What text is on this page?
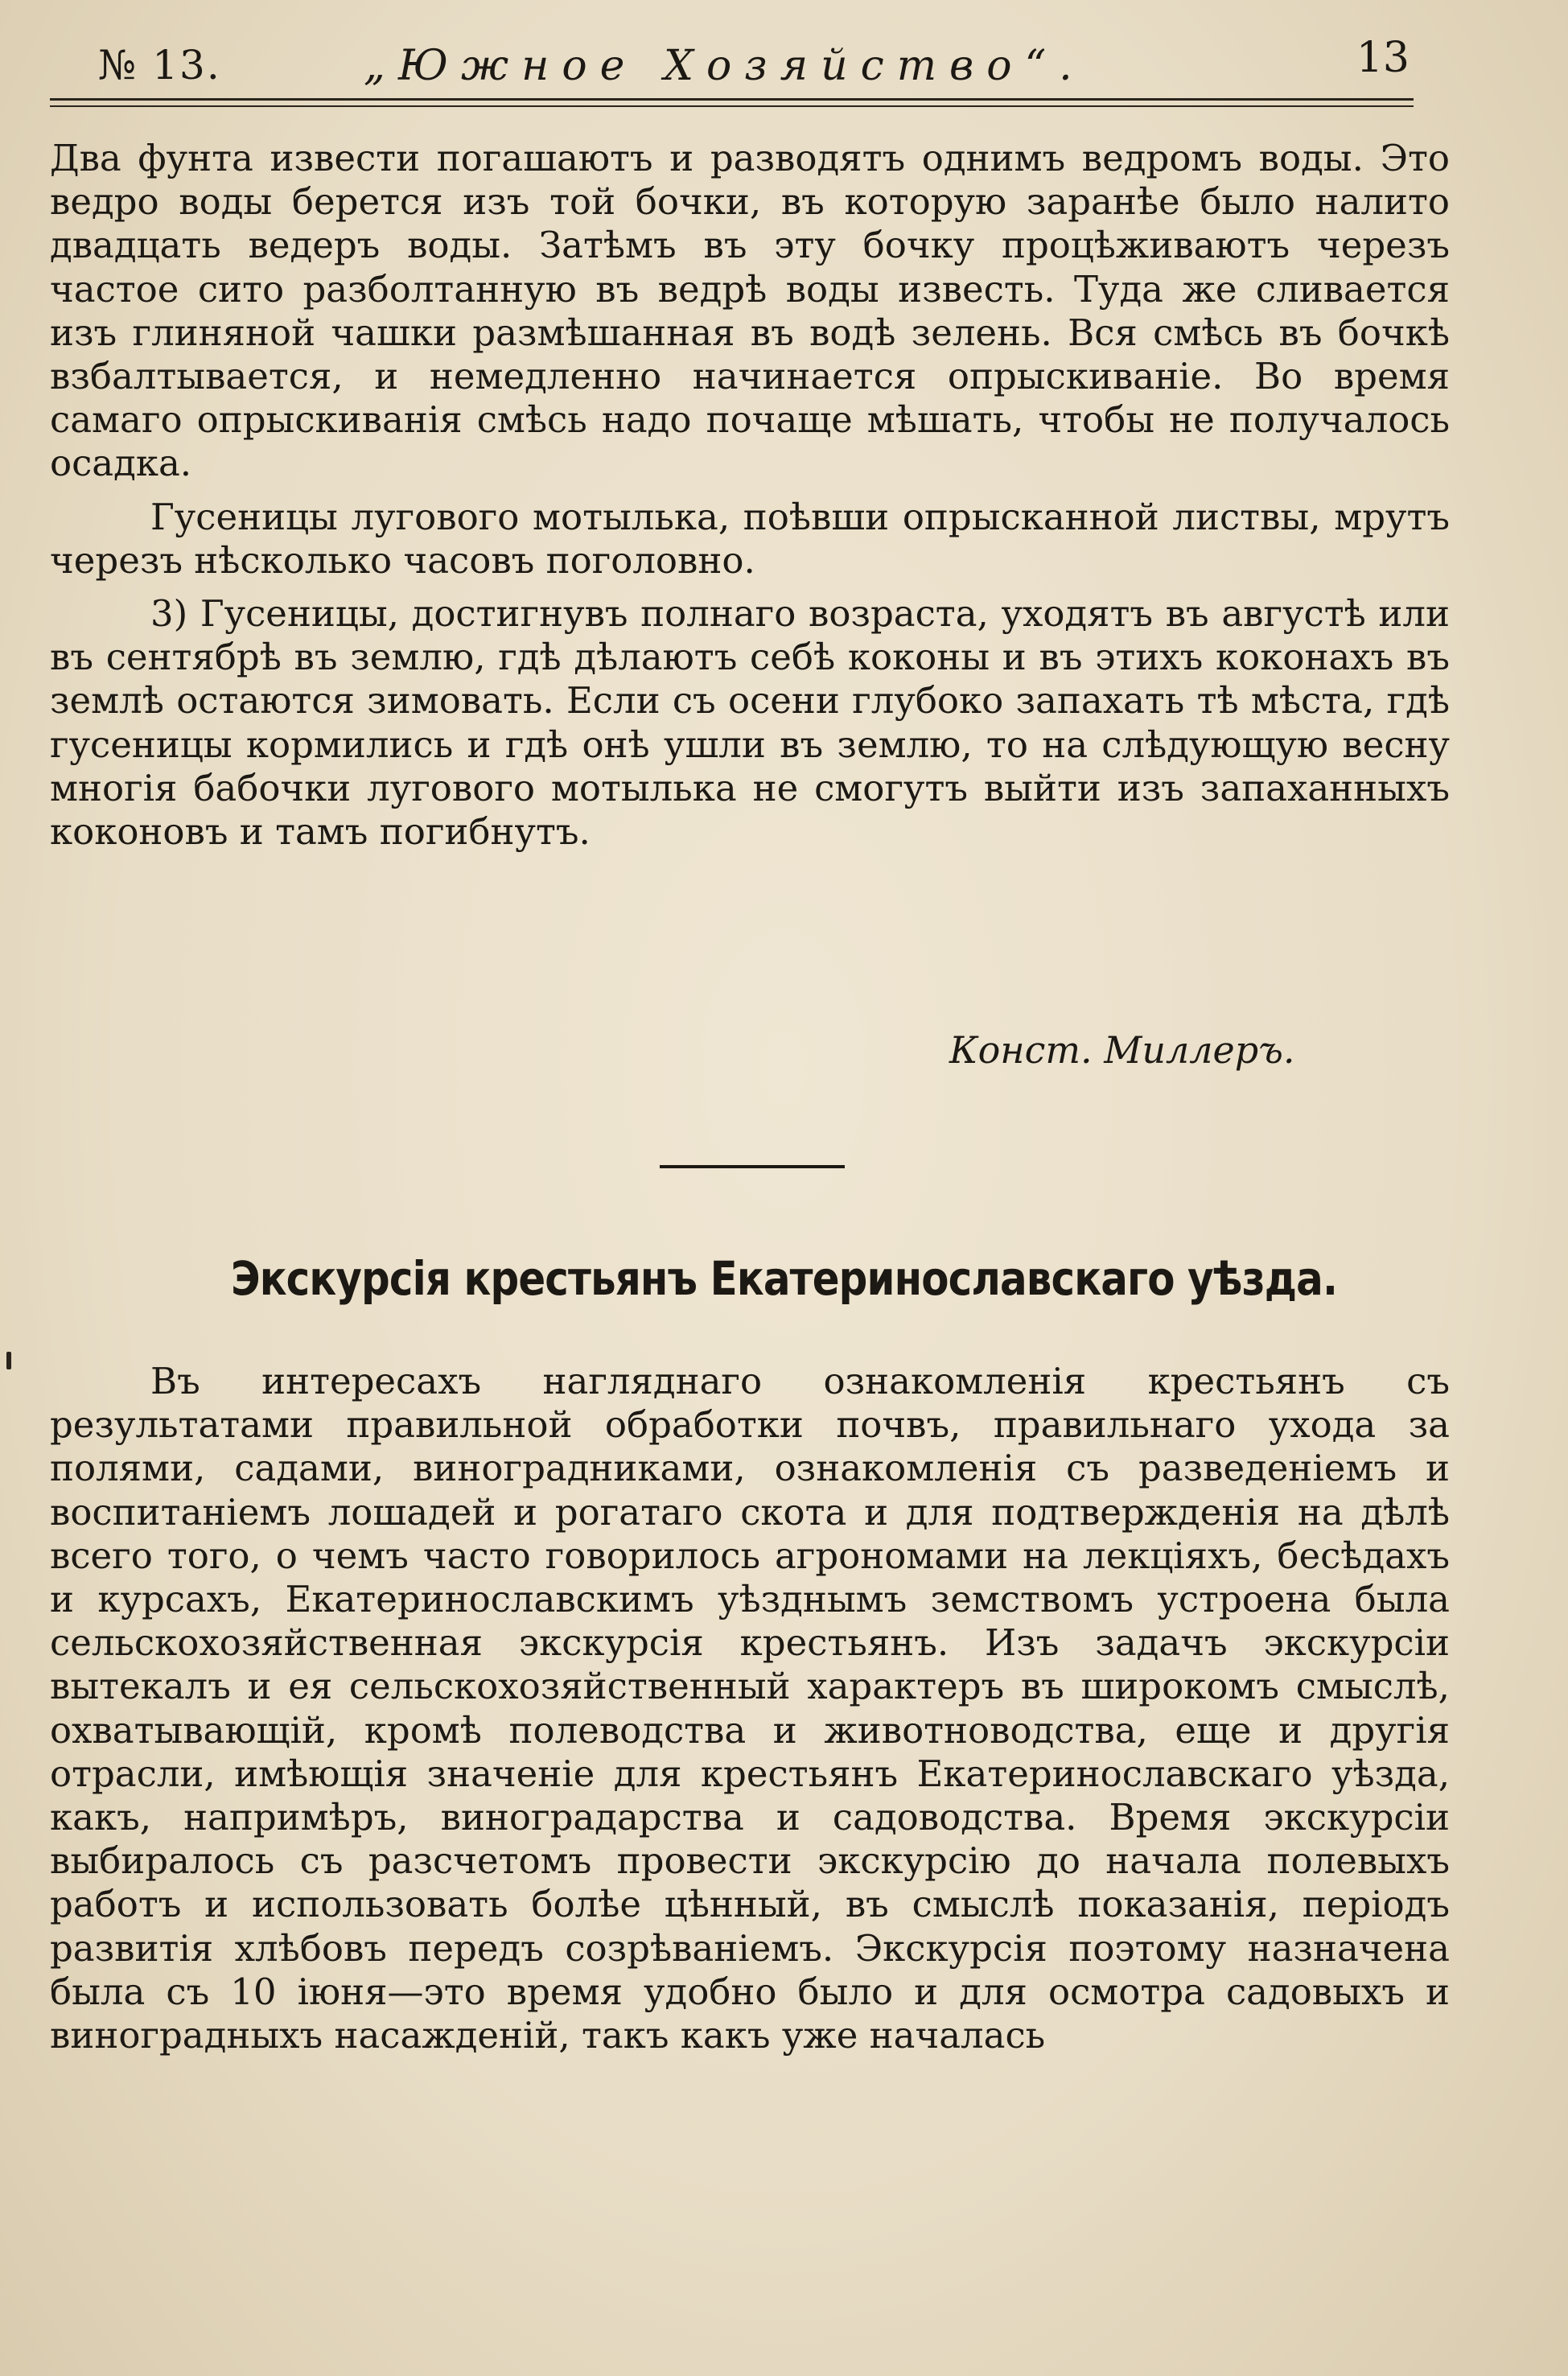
№ 13.	„Южное Хозяйство“.	13

Два фунта извести погашаютъ и разводятъ однимъ ведромъ воды. Это ведро воды берется изъ той бочки, въ которую заранѣе было налито двадцать ведеръ воды. Затѣмъ въ эту бочку процѣживаютъ черезъ частое сито разболтанную въ ведрѣ воды известь. Туда же сливается изъ глиняной чашки размѣшанная въ водѣ зелень. Вся смѣсь въ бочкѣ взбалтывается, и немедленно начинается опрыскиваніе. Во время самаго опрыскиванія смѣсь надо почаще мѣшать, чтобы не получалось осадка.

Гусеницы лугового мотылька, поѣвши опрысканной листвы, мрутъ черезъ нѣсколько часовъ поголовно.

3) Гусеницы, достигнувъ полнаго возраста, уходятъ въ августѣ или въ сентябрѣ въ землю, гдѣ дѣлаютъ себѣ коконы и въ этихъ коконахъ въ землѣ остаются зимовать. Если съ осени глубоко запахать тѣ мѣста, гдѣ гусеницы кормились и гдѣ онѣ ушли въ землю, то на слѣдующую весну многія бабочки лугового мотылька не смогутъ выйти изъ запаханныхъ коконовъ и тамъ погибнутъ.

Конст. Миллеръ.
Экскурсія крестьянъ Екатеринославскаго уѣзда.

Въ интересахъ нагляднаго ознакомленія крестьянъ съ результатами правильной обработки почвъ, правильнаго ухода за полями, садами, виноградниками, ознакомленія съ разведеніемъ и воспитаніемъ лошадей и рогатаго скота и для подтвержденія на дѣлѣ всего того, о чемъ часто говорилось агрономами на лекціяхъ, бесѣдахъ и курсахъ, Екатеринославскимъ уѣзднымъ земствомъ устроена была сельскохозяйственная экскурсія крестьянъ. Изъ задачъ экскурсіи вытекалъ и ея сельскохозяйственный характеръ въ широкомъ смыслѣ, охватывающій, кромѣ полеводства и животноводства, еще и другія отрасли, имѣющія значеніе для крестьянъ Екатеринославскаго уѣзда, какъ, напримѣръ, виноградарства и садоводства. Время экскурсіи выбиралось съ разсчетомъ провести экскурсію до начала полевыхъ работъ и использовать болѣе цѣнный, въ смыслѣ показанія, періодъ развитія хлѣбовъ передъ созрѣваніемъ. Экскурсія поэтому назначена была съ 10 іюня—это время удобно было и для осмотра садовыхъ и виноградныхъ насажденій, такъ какъ уже началась
